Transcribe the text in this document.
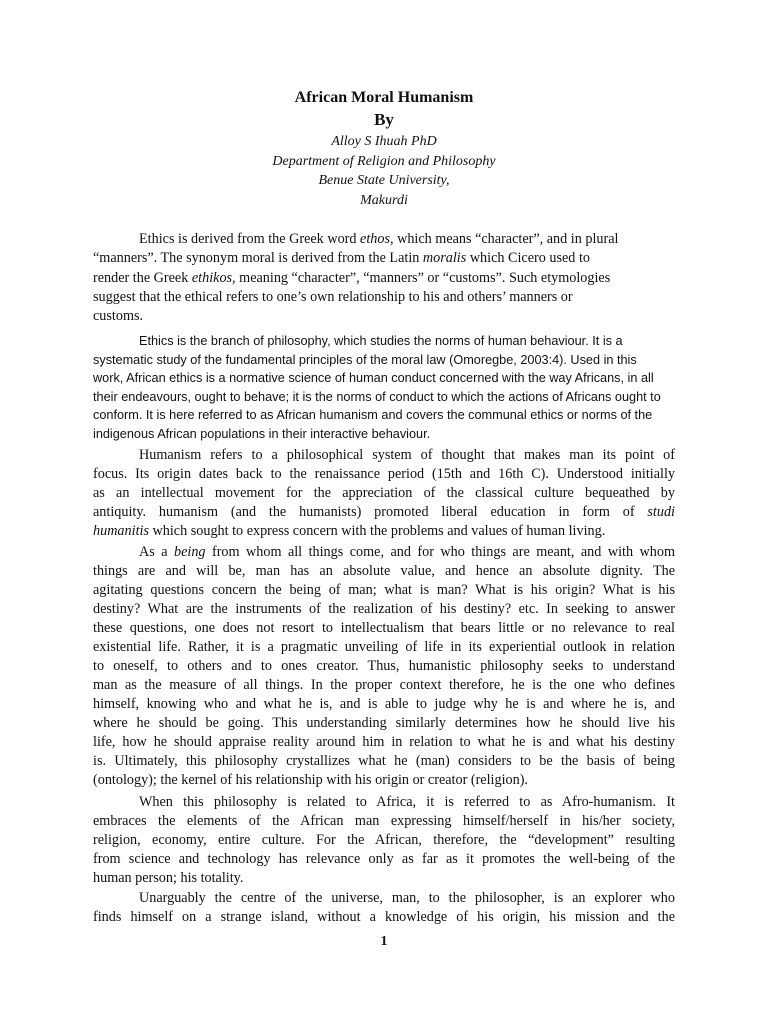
African Moral Humanism
By
Alloy S Ihuah PhD
Department of Religion and Philosophy
Benue State University,
Makurdi
Ethics is derived from the Greek word ethos, which means “character”, and in plural
“manners”. The synonym moral is derived from the Latin moralis which Cicero used to
render the Greek ethikos, meaning “character”, “manners” or “customs”. Such etymologies
suggest that the ethical refers to one’s own relationship to his and others’ manners or
customs.
Ethics is the branch of philosophy, which studies the norms of human behaviour. It is a
systematic study of the fundamental principles of the moral law (Omoregbe, 2003:4). Used in this
work, African ethics is a normative science of human conduct concerned with the way Africans, in all
their endeavours, ought to behave; it is the norms of conduct to which the actions of Africans ought to
conform. It is here referred to as African humanism and covers the communal ethics or norms of the
indigenous African populations in their interactive behaviour.
Humanism refers to a philosophical system of thought that makes man its point of
focus. Its origin dates back to the renaissance period (15th and 16th C). Understood initially
as an intellectual movement for the appreciation of the classical culture bequeathed by
antiquity. humanism (and the humanists) promoted liberal education in form of studi
humanitis which sought to express concern with the problems and values of human living.
As a being from whom all things come, and for who things are meant, and with whom
things are and will be, man has an absolute value, and hence an absolute dignity. The
agitating questions concern the being of man; what is man? What is his origin? What is his
destiny? What are the instruments of the realization of his destiny? etc. In seeking to answer
these questions, one does not resort to intellectualism that bears little or no relevance to real
existential life. Rather, it is a pragmatic unveiling of life in its experiential outlook in relation
to oneself, to others and to ones creator. Thus, humanistic philosophy seeks to understand
man as the measure of all things. In the proper context therefore, he is the one who defines
himself, knowing who and what he is, and is able to judge why he is and where he is, and
where he should be going. This understanding similarly determines how he should live his
life, how he should appraise reality around him in relation to what he is and what his destiny
is. Ultimately, this philosophy crystallizes what he (man) considers to be the basis of being
(ontology); the kernel of his relationship with his origin or creator (religion).
When this philosophy is related to Africa, it is referred to as Afro-humanism. It
embraces the elements of the African man expressing himself/herself in his/her society,
religion, economy, entire culture. For the African, therefore, the “development” resulting
from science and technology has relevance only as far as it promotes the well-being of the
human person; his totality.
Unarguably the centre of the universe, man, to the philosopher, is an explorer who
finds himself on a strange island, without a knowledge of his origin, his mission and the
1
